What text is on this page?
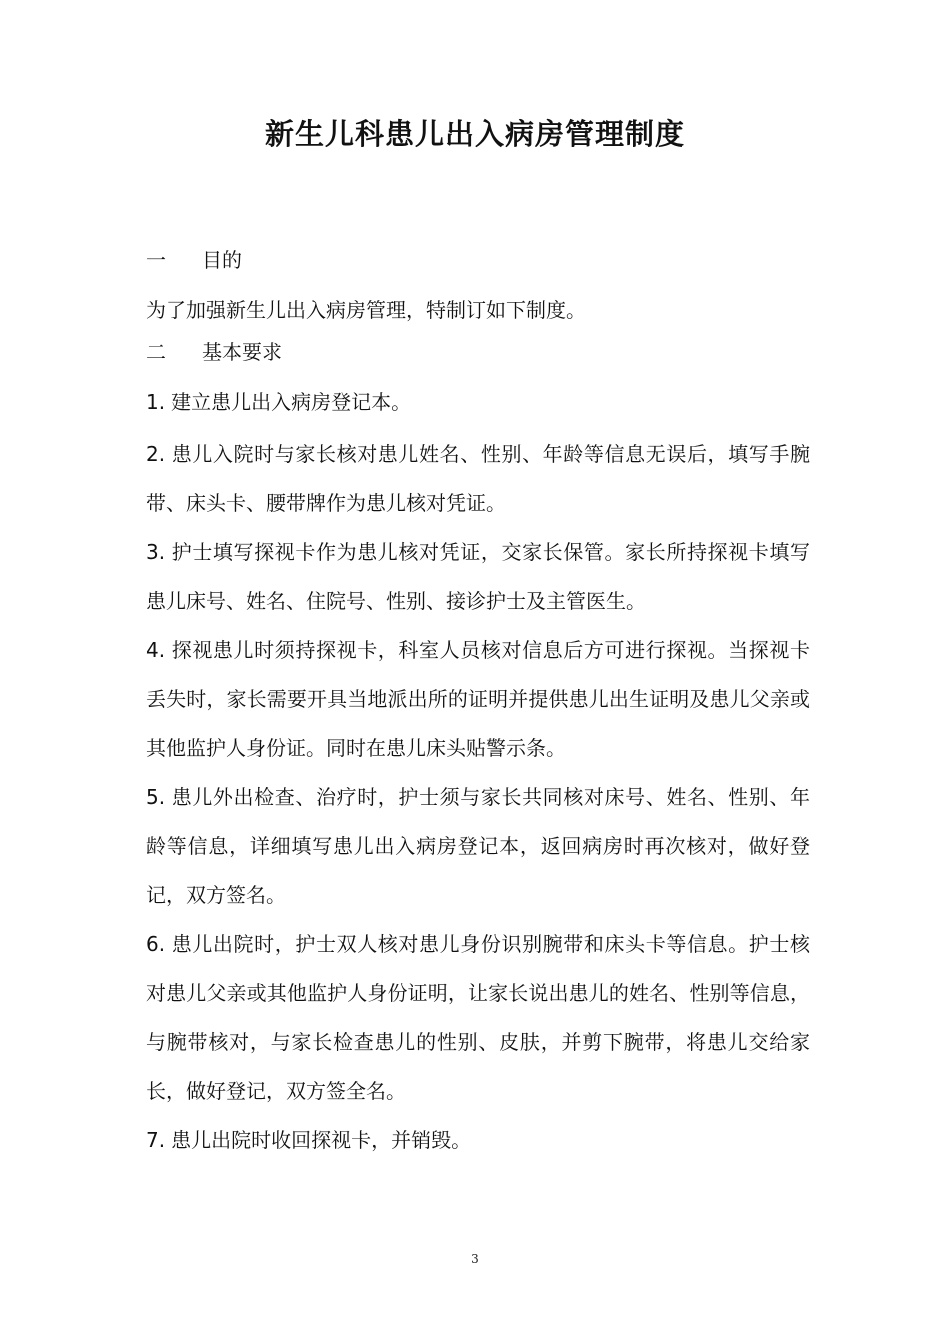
新生儿科患儿出入病房管理制度
一 目的

为了加强新生儿出入病房管理，特制订如下制度。

二 基本要求

1. 建立患儿出入病房登记本。

2. 患儿入院时与家长核对患儿姓名、性别、年龄等信息无误后，填写手腕带、床头卡、腰带牌作为患儿核对凭证。

3. 护士填写探视卡作为患儿核对凭证，交家长保管。家长所持探视卡填写患儿床号、姓名、住院号、性别、接诊护士及主管医生。

4. 探视患儿时须持探视卡，科室人员核对信息后方可进行探视。当探视卡丢失时，家长需要开具当地派出所的证明并提供患儿出生证明及患儿父亲或其他监护人身份证。同时在患儿床头贴警示条。

5. 患儿外出检查、治疗时，护士须与家长共同核对床号、姓名、性别、年龄等信息，详细填写患儿出入病房登记本，返回病房时再次核对，做好登记，双方签名。

6. 患儿出院时，护士双人核对患儿身份识别腕带和床头卡等信息。护士核对患儿父亲或其他监护人身份证明，让家长说出患儿的姓名、性别等信息，与腕带核对，与家长检查患儿的性别、皮肤，并剪下腕带，将患儿交给家长，做好登记，双方签全名。

7. 患儿出院时收回探视卡，并销毁。

3
